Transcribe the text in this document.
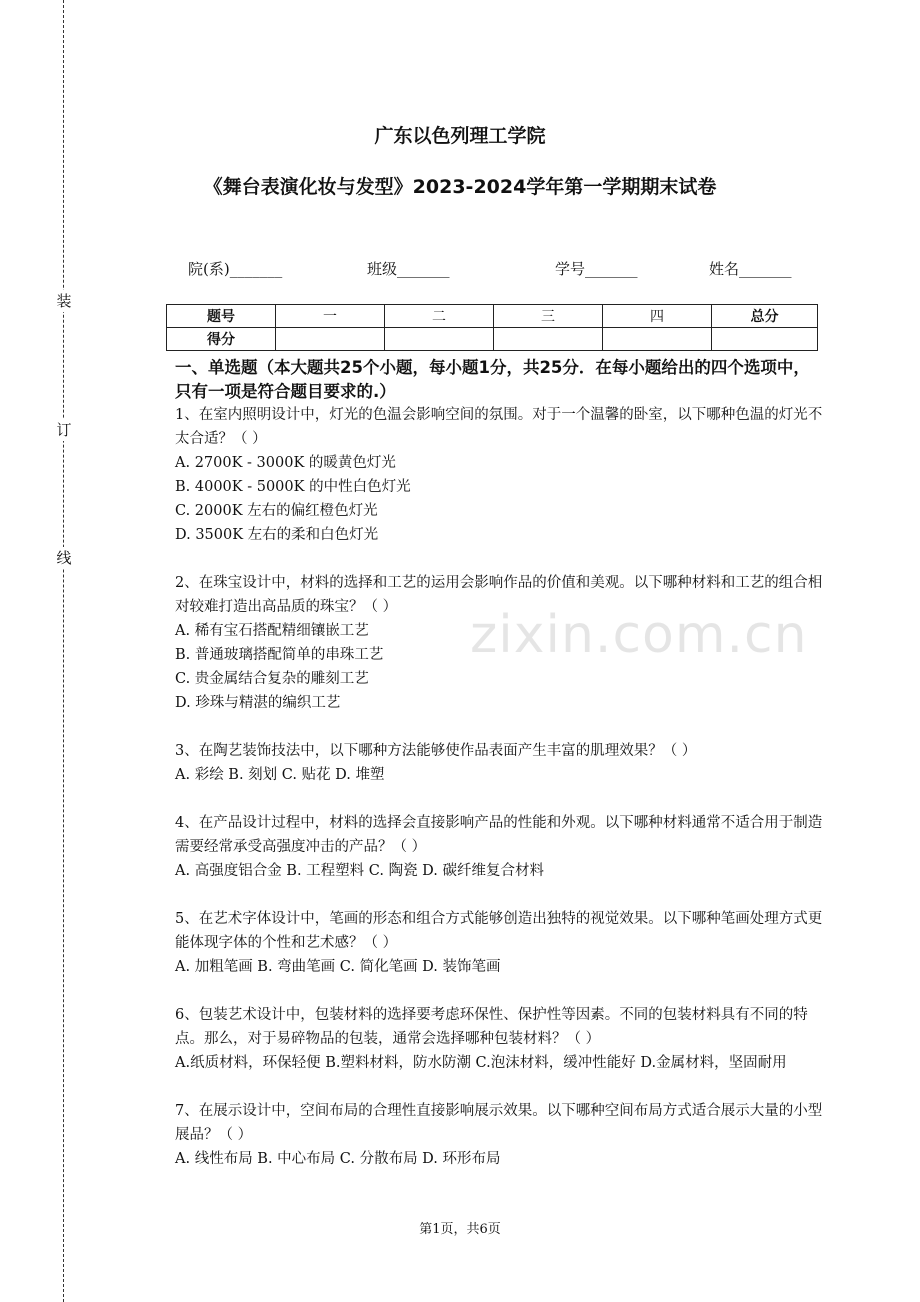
装
订
线
zixin.com.cn
广东以色列理工学院
《舞台表演化妆与发型》2023-2024学年第一学期期末试卷
院(系)_______	班级_______	学号_______	姓名_______
题号	一	二	三	四	总分
得分					
一、单选题（本大题共25个小题，每小题1分，共25分．在每小题给出的四个选项中，只有一项是符合题目要求的.）

1、在室内照明设计中，灯光的色温会影响空间的氛围。对于一个温馨的卧室，以下哪种色温的灯光不太合适？（ ）

A. 2700K - 3000K 的暖黄色灯光

B. 4000K - 5000K 的中性白色灯光

C. 2000K 左右的偏红橙色灯光

D. 3500K 左右的柔和白色灯光

2、在珠宝设计中，材料的选择和工艺的运用会影响作品的价值和美观。以下哪种材料和工艺的组合相对较难打造出高品质的珠宝？（ ）

A. 稀有宝石搭配精细镶嵌工艺

B. 普通玻璃搭配简单的串珠工艺

C. 贵金属结合复杂的雕刻工艺

D. 珍珠与精湛的编织工艺

3、在陶艺装饰技法中，以下哪种方法能够使作品表面产生丰富的肌理效果？（ ）

A. 彩绘 B. 刻划 C. 贴花 D. 堆塑

4、在产品设计过程中，材料的选择会直接影响产品的性能和外观。以下哪种材料通常不适合用于制造需要经常承受高强度冲击的产品？（ ）

A. 高强度铝合金 B. 工程塑料 C. 陶瓷 D. 碳纤维复合材料

5、在艺术字体设计中，笔画的形态和组合方式能够创造出独特的视觉效果。以下哪种笔画处理方式更能体现字体的个性和艺术感？（ ）

A. 加粗笔画 B. 弯曲笔画 C. 简化笔画 D. 装饰笔画

6、包装艺术设计中，包装材料的选择要考虑环保性、保护性等因素。不同的包装材料具有不同的特点。那么，对于易碎物品的包装，通常会选择哪种包装材料？（ ）

A.纸质材料，环保轻便 B.塑料材料，防水防潮 C.泡沫材料，缓冲性能好 D.金属材料，坚固耐用

7、在展示设计中，空间布局的合理性直接影响展示效果。以下哪种空间布局方式适合展示大量的小型展品？（ ）

A. 线性布局 B. 中心布局 C. 分散布局 D. 环形布局

第1页，共6页
